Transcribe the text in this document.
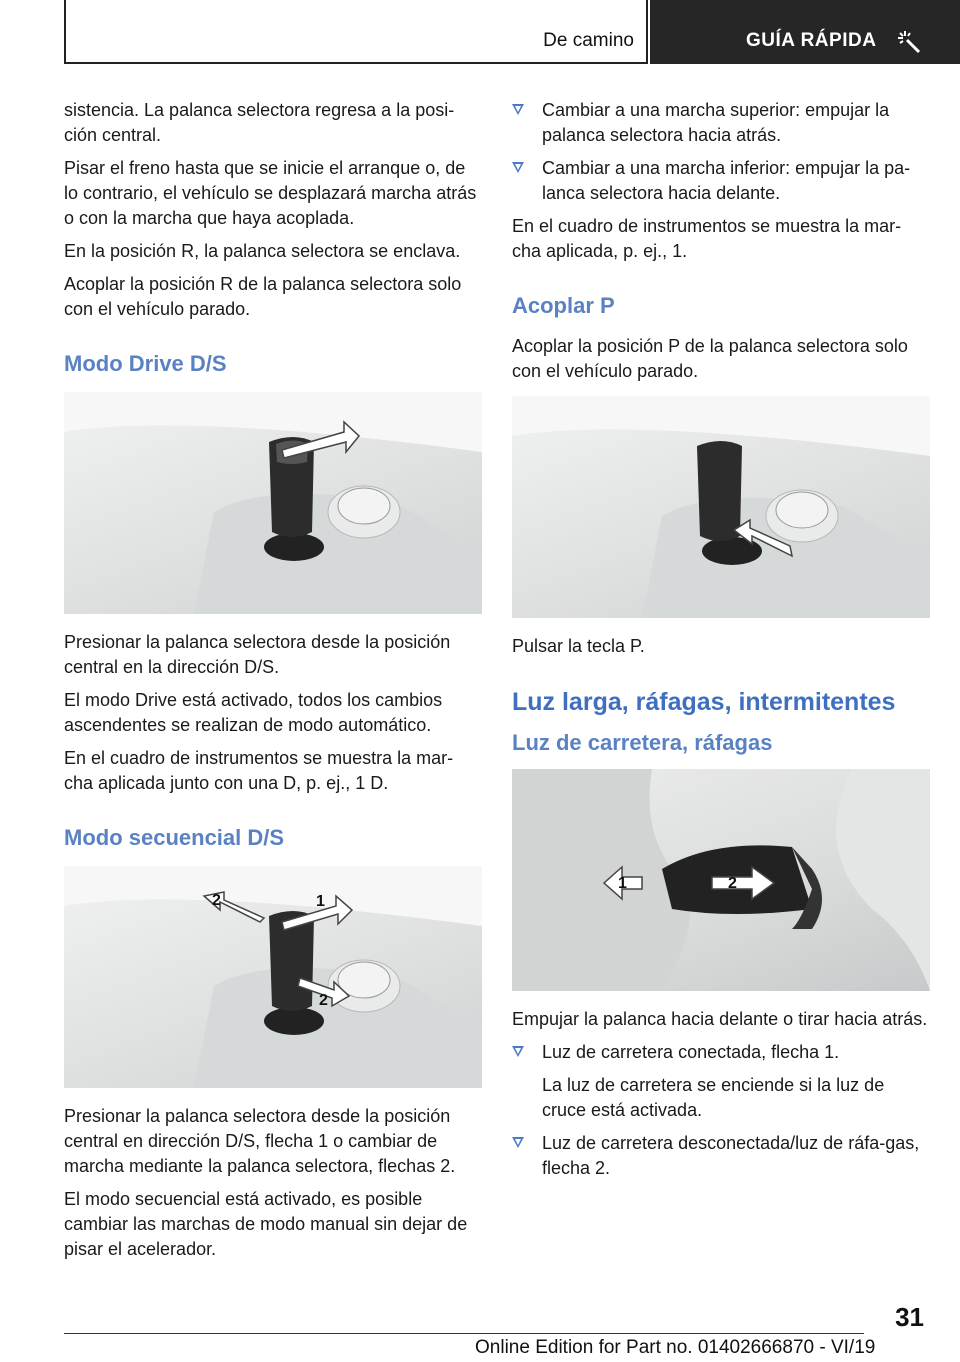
De camino	GUÍA RÁPIDA

sistencia. La palanca selectora regresa a la posi-ción central.

Pisar el freno hasta que se inicie el arranque o, de lo contrario, el vehículo se desplazará marcha atrás o con la marcha que haya acoplada.

En la posición R, la palanca selectora se enclava.

Acoplar la posición R de la palanca selectora solo con el vehículo parado.

Modo Drive D/S

Presionar la palanca selectora desde la posición central en la dirección D/S.

El modo Drive está activado, todos los cambios ascendentes se realizan de modo automático.

En el cuadro de instrumentos se muestra la mar-cha aplicada junto con una D, p. ej., 1 D.

Modo secuencial D/S
1
2
2

Presionar la palanca selectora desde la posición central en dirección D/S, flecha 1 o cambiar de marcha mediante la palanca selectora, flechas 2.

El modo secuencial está activado, es posible cambiar las marchas de modo manual sin dejar de pisar el acelerador.

Cambiar a una marcha superior: empujar la palanca selectora hacia atrás.
Cambiar a una marcha inferior: empujar la pa-lanca selectora hacia delante.

En el cuadro de instrumentos se muestra la mar-cha aplicada, p. ej., 1.

Acoplar P

Acoplar la posición P de la palanca selectora solo con el vehículo parado.

Pulsar la tecla P.

Luz larga, ráfagas, intermitentes
Luz de carretera, ráfagas
1	2

Empujar la palanca hacia delante o tirar hacia atrás.

Luz de carretera conectada, flecha 1.

La luz de carretera se enciende si la luz de cruce está activada.

Luz de carretera desconectada/luz de ráfa-gas, flecha 2.
31
Online Edition for Part no. 01402666870 - VI/19
